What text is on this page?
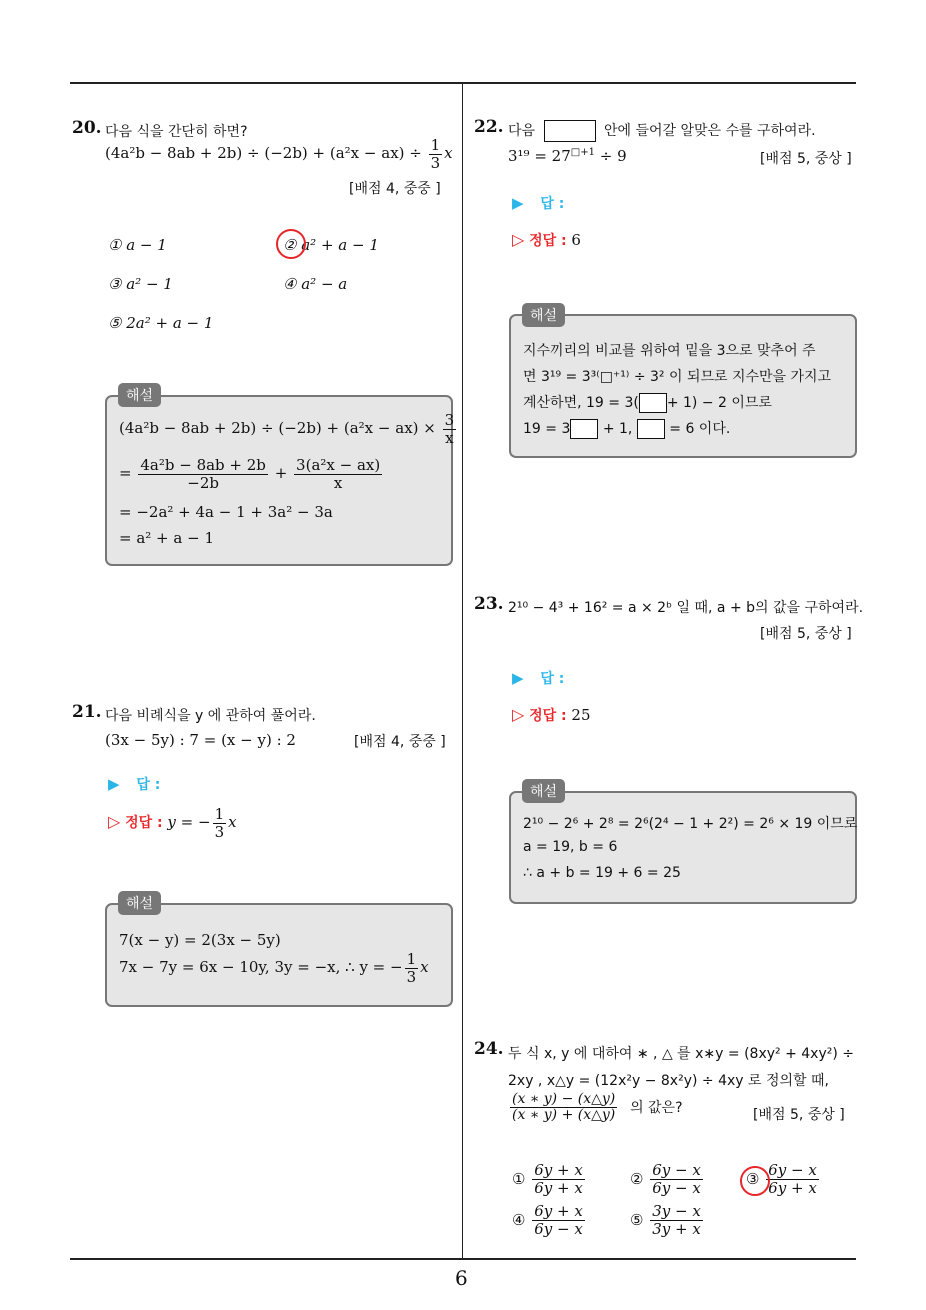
6
20. 다음 식을 간단히 하면?
$(4a^2b - 8ab + 2b) \div (-2b) + (a^2x - ax) \div \frac{1}{3}$ x
[배점 4, 중중 ]
① a − 1	② a² + a − 1
③ a² − 1	④ a² − a
⑤ 2a² + a − 1
$(4a^2b - 8ab + 2b) \div (-2b) + (a^2x - ax) \times \frac{3}{x}$
= $\frac{\text{4a²b − 8ab + 2b}}{-2b} + \frac{\text{3(a²x − ax)}}{x}$
= −2a² + 4a − 1 + 3a² − 3a
= a² + a − 1
해설
21. 다음 비례식을 y 에 관하여 풀어라.
(3x − 5y) : 7 = (x − y) : 2	[배점 4, 중중 ]
▶ 답 :
▷ 정답 : y = − $\frac{1}{3}$ x
7(x − y) = 2(3x − 5y)
7x − 7y = 6x − 10y, 3y = −x, ∴ y = − $\frac{1}{3}$ x
해설
22. 다음	안에 들어갈 알맞은 수를 구하여라.
$3^{19} = 27^{□+1} \div 9$	[배점 5, 중상 ]
▶ 답 :
▷ 정답 : 6
지수끼리의 비교를 위하여 밑을 3으로 맞추어 주
면 3¹⁹ = 3³⁽□⁺¹⁾ ÷ 3² 이 되므로 지수만을 가지고
계산하면, 19 = 3( + 1) − 2 이므로
19 = 3 + 1,	= 6 이다.
해설
23. 2¹⁰ − 4³ + 16² = a × 2ᵇ 일 때, a + b의 값을 구하여라.
[배점 5, 중상 ]
▶ 답 :
▷ 정답 : 25
2¹⁰ − 2⁶ + 2⁸ = 2⁶(2⁴ − 1 + 2²) = 2⁶ × 19 이므로
a = 19, b = 6
∴ a + b = 19 + 6 = 25
해설
24. 두 식 x, y 에 대하여 ∗ , △ 를 x∗y = (8xy² + 4xy²) ÷
2xy , x△y = (12x²y − 8x²y) ÷ 4xy 로 정의할 때,
$\frac{(x ∗ y) - (x\triangle y)}{(x ∗ y) + (x\triangle y)}$ 의 값은?	[배점 5, 중상 ]
① $\frac{6y + x}{6y + x}$	② $\frac{6y - x}{6y - x}$	③ $\frac{6y - x}{6y + x}$
④ $\frac{6y + x}{6y - x}$	⑤ $\frac{3y - x}{3y + x}$
